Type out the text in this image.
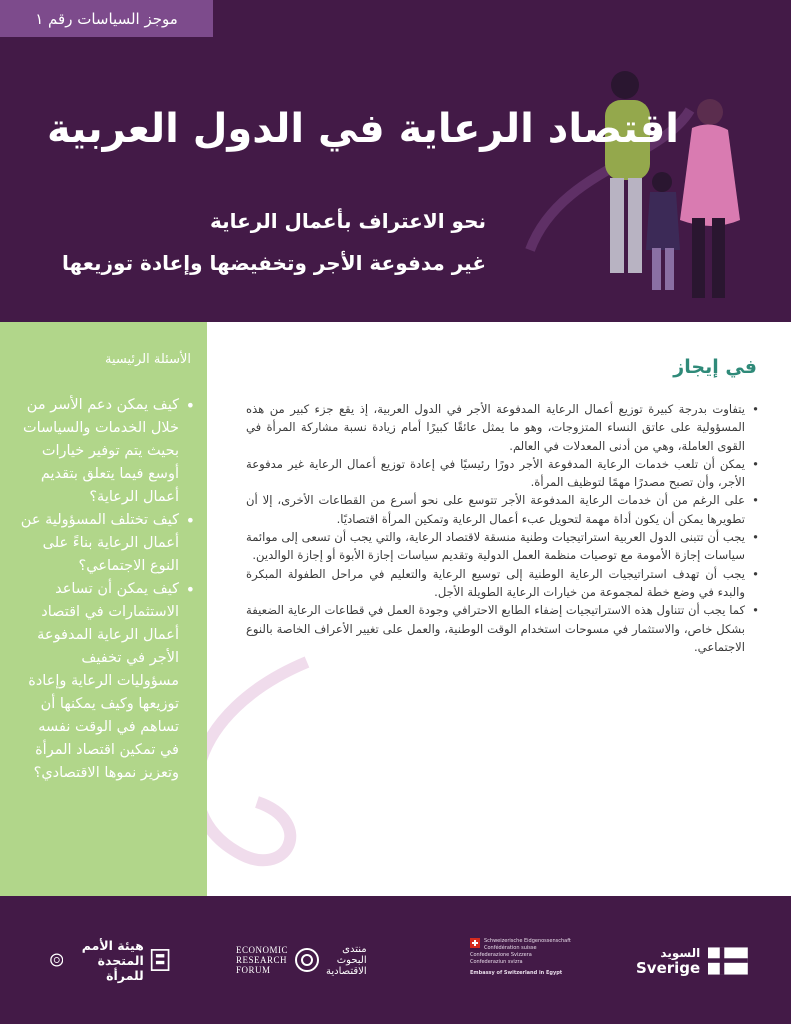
موجز السياسات رقم ١
اقتصاد الرعاية في الدول العربية
نحو الاعتراف بأعمال الرعاية
غير مدفوعة الأجر وتخفيضها وإعادة توزيعها
في إيجاز
• يتفاوت بدرجة كبيرة توزيع أعمال الرعاية المدفوعة الأجر في الدول العربية، إذ يقع جزء كبير من هذه المسؤولية على عاتق النساء المتزوجات، وهو ما يمثل عائقًا كبيرًا أمام زيادة نسبة مشاركة المرأة في القوى العاملة، وهي من أدنى المعدلات في العالم.
• يمكن أن تلعب خدمات الرعاية المدفوعة الأجر دورًا رئيسيًا في إعادة توزيع أعمال الرعاية غير مدفوعة الأجر، وأن تصبح مصدرًا مهمًا لتوظيف المرأة.
• على الرغم من أن خدمات الرعاية المدفوعة الأجر تتوسع على نحو أسرع من القطاعات الأخرى، إلا أن تطويرها يمكن أن يكون أداة مهمة لتحويل عبء أعمال الرعاية وتمكين المرأة اقتصاديًا.
• يجب أن تتبنى الدول العربية استراتيجيات وطنية منسقة لاقتصاد الرعاية، والتي يجب أن تسعى إلى موائمة سياسات إجازة الأمومة مع توصيات منظمة العمل الدولية وتقديم سياسات إجازة الأبوة أو إجازة الوالدين.
• يجب أن تهدف استراتيجيات الرعاية الوطنية إلى توسيع الرعاية والتعليم في مراحل الطفولة المبكرة والبدء في وضع خطة لمجموعة من خيارات الرعاية الطويلة الأجل.
• كما يجب أن تتناول هذه الاستراتيجيات إضفاء الطابع الاحترافي وجودة العمل في قطاعات الرعاية الضعيفة بشكل خاص، والاستثمار في مسوحات استخدام الوقت الوطنية، والعمل على تغيير الأعراف الخاصة بالنوع الاجتماعي.
الأسئلة الرئيسية
• كيف يمكن دعم الأسر من خلال الخدمات والسياسات بحيث يتم توفير خيارات أوسع فيما يتعلق بتقديم أعمال الرعاية؟
• كيف تختلف المسؤولية عن أعمال الرعاية بناءً على النوع الاجتماعي؟
• كيف يمكن أن تساعد الاستثمارات في اقتصاد أعمال الرعاية المدفوعة الأجر في تخفيف مسؤوليات الرعاية وإعادة توزيعها وكيف يمكنها أن تساهم في الوقت نفسه في تمكين اقتصاد المرأة وتعزيز نموها الاقتصادي؟
السويد
Sverige
Schweizerische Eidgenossenschaft
Confédération suisse
Confederazione Svizzera
Confederaziun svizra
Embassy of Switzerland in Egypt
ECONOMIC
RESEARCH
FORUM
منتدى
البحوث
الاقتصادية
هيئة الأمم
المتحدة للمرأة
